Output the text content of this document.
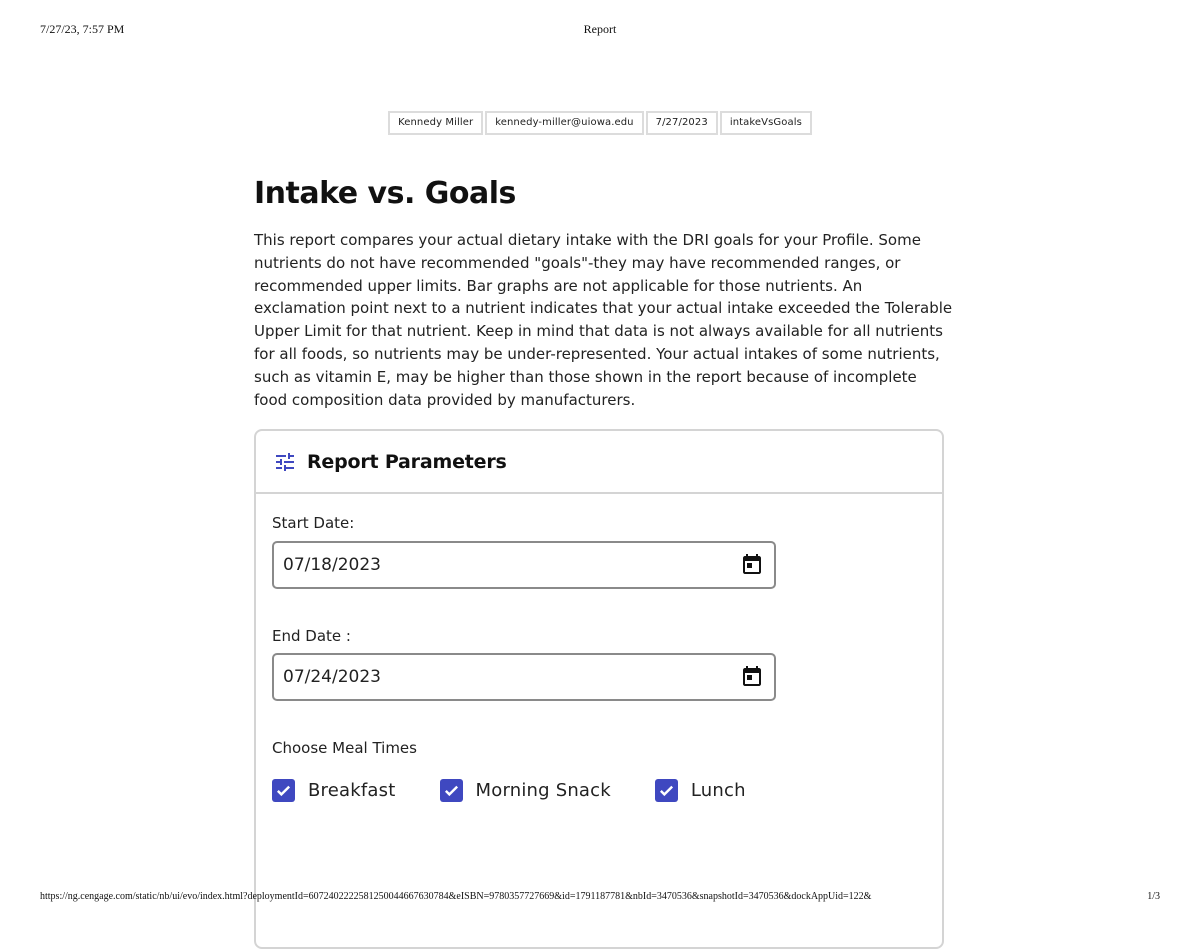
7/27/23, 7:57 PM	Report
Kennedy Miller	kennedy-miller@uiowa.edu	7/27/2023	intakeVsGoals
Intake vs. Goals

This report compares your actual dietary intake with the DRI goals for your Profile. Some nutrients do not have recommended "goals"-they may have recommended ranges, or recommended upper limits. Bar graphs are not applicable for those nutrients. An exclamation point next to a nutrient indicates that your actual intake exceeded the Tolerable Upper Limit for that nutrient. Keep in mind that data is not always available for all nutrients for all foods, so nutrients may be under-represented. Your actual intakes of some nutrients, such as vitamin E, may be higher than those shown in the report because of incomplete food composition data provided by manufacturers.

Report Parameters
Start Date:
07/18/2023
End Date :
07/24/2023
Choose Meal Times
Breakfast	Morning Snack	Lunch
https://ng.cengage.com/static/nb/ui/evo/index.html?deploymentId=6072402222581250044667630784&eISBN=9780357727669&id=1791187781&nbId=3470536&snapshotId=3470536&dockAppUid=122&	1/3
